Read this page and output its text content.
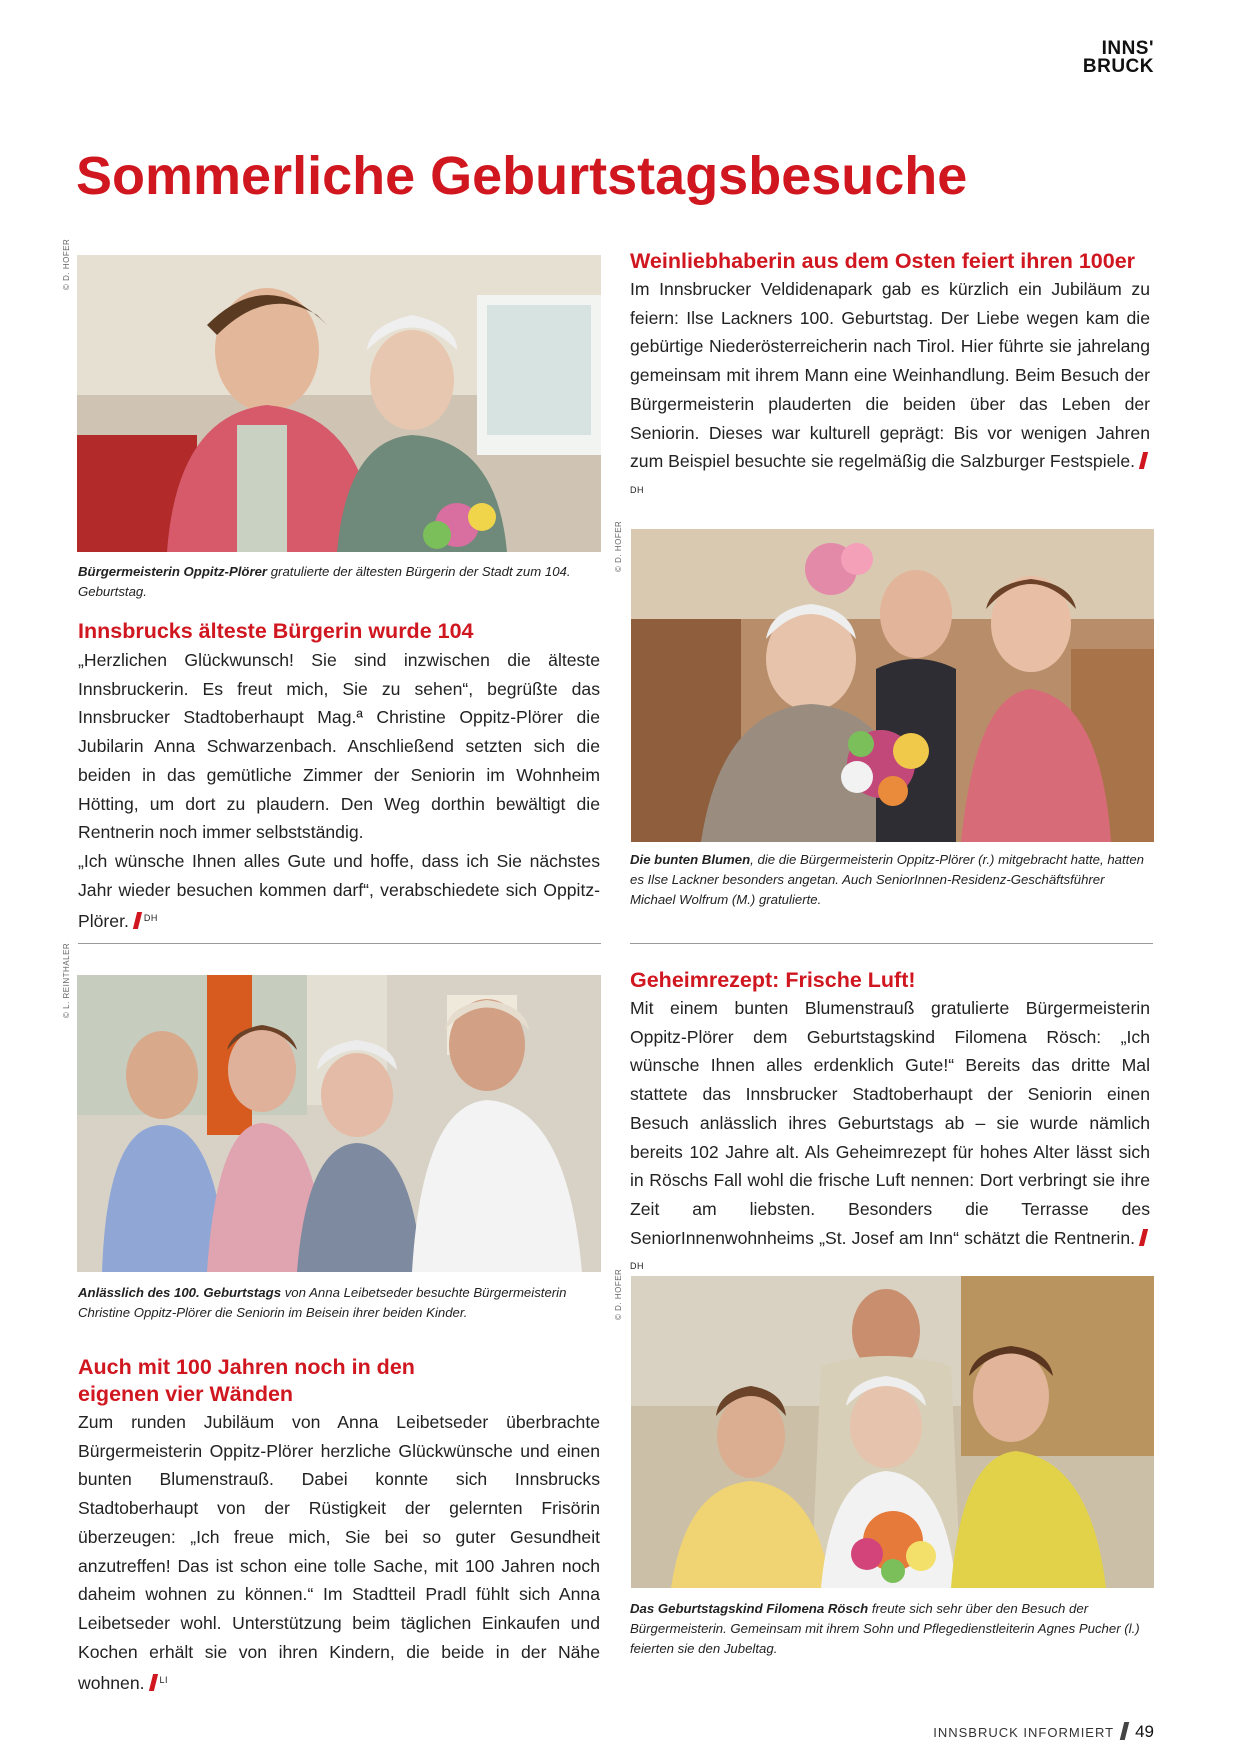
INNS'
BRUCK
Sommerliche Geburtstagsbesuche
© D. HOFER
Bürgermeisterin Oppitz-Plörer gratulierte der ältesten Bürgerin der Stadt zum 104. Geburtstag.
Innsbrucks älteste Bürgerin wurde 104

„Herzlichen Glückwunsch! Sie sind inzwischen die älteste Innsbruckerin. Es freut mich, Sie zu sehen“, begrüßte das Innsbrucker Stadtoberhaupt Mag.ª Christine Oppitz-Plörer die Jubilarin Anna Schwarzenbach. Anschließend setzten sich die beiden in das gemütliche Zimmer der Seniorin im Wohnheim Hötting, um dort zu plaudern. Den Weg dorthin bewältigt die Rentnerin noch immer selbstständig.

„Ich wünsche Ihnen alles Gute und hoffe, dass ich Sie nächstes Jahr wieder besuchen kommen darf“, verabschiedete sich Oppitz-Plörer. $^{DH}$

Weinliebhaberin aus dem Osten feiert ihren 100er

Im Innsbrucker Veldidenapark gab es kürzlich ein Jubiläum zu feiern: Ilse Lackners 100. Geburtstag. Der Liebe wegen kam die gebürtige Niederösterreicherin nach Tirol. Hier führte sie jahrelang gemeinsam mit ihrem Mann eine Weinhandlung. Beim Besuch der Bürgermeisterin plauderten die beiden über das Leben der Seniorin. Dieses war kulturell geprägt: Bis vor wenigen Jahren zum Beispiel besuchte sie regelmäßig die Salzburger Festspiele.$^{DH}$

© D. HOFER
Die bunten Blumen, die die Bürgermeisterin Oppitz-Plörer (r.) mitgebracht hatte, hatten es Ilse Lackner besonders angetan. Auch SeniorInnen-Residenz-Geschäftsführer Michael Wolfrum (M.) gratulierte.
© L. REINTHALER
Anlässlich des 100. Geburtstags von Anna Leibetseder besuchte Bürgermeisterin Christine Oppitz-Plörer die Seniorin im Beisein ihrer beiden Kinder.
Auch mit 100 Jahren noch in den
eigenen vier Wänden

Zum runden Jubiläum von Anna Leibetseder überbrachte Bürgermeisterin Oppitz-Plörer herzliche Glückwünsche und einen bunten Blumenstrauß. Dabei konnte sich Innsbrucks Stadtoberhaupt von der Rüstigkeit der gelernten Frisörin überzeugen: „Ich freue mich, Sie bei so guter Gesundheit anzutreffen! Das ist schon eine tolle Sache, mit 100 Jahren noch daheim wohnen zu können.“ Im Stadtteil Pradl fühlt sich Anna Leibetseder wohl. Unterstützung beim täglichen Einkaufen und Kochen erhält sie von ihren Kindern, die beide in der Nähe wohnen. $^{LI}$

Geheimrezept: Frische Luft!

Mit einem bunten Blumenstrauß gratulierte Bürgermeisterin Oppitz-Plörer dem Geburtstagskind Filomena Rösch: „Ich wünsche Ihnen alles erdenklich Gute!“ Bereits das dritte Mal stattete das Innsbrucker Stadtoberhaupt der Seniorin einen Besuch anlässlich ihres Geburtstags ab – sie wurde nämlich bereits 102 Jahre alt. Als Geheimrezept für hohes Alter lässt sich in Röschs Fall wohl die frische Luft nennen: Dort verbringt sie ihre Zeit am liebsten. Besonders die Terrasse des SeniorInnenwohnheims „St. Josef am Inn“ schätzt die Rentnerin.$^{DH}$

© D. HOFER
Das Geburtstagskind Filomena Rösch freute sich sehr über den Besuch der Bürgermeisterin. Gemeinsam mit ihrem Sohn und Pflegedienstleiterin Agnes Pucher (l.) feierten sie den Jubeltag.
INNSBRUCK INFORMIERT 49
